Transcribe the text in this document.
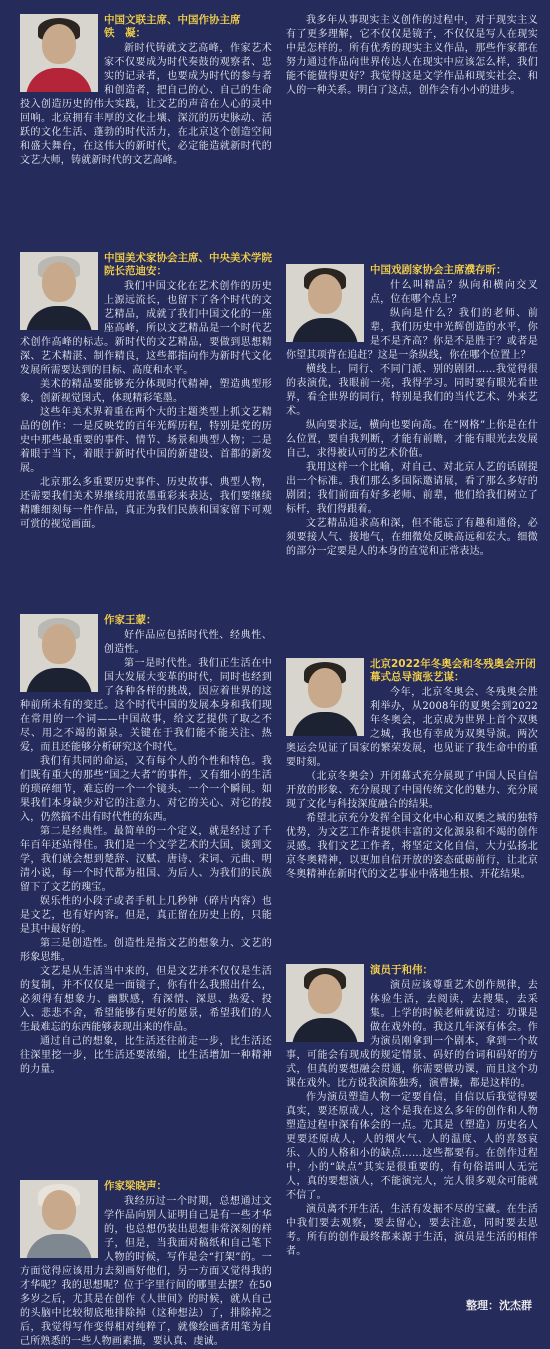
中国文联主席、中国作协主席
铁　凝：

新时代铸就文艺高峰，作家艺术家不仅要成为时代奏鼓的观察者、忠实的记录者，也要成为时代的参与者和创造者，把自己的心、自己的生命投入创造历史的伟大实践，让文艺的声音在人心的灵中回响。北京拥有丰厚的文化土壤、深沉的历史脉动、活跃的文化生活、蓬勃的时代活力，在北京这个创造空间和盛大舞台，在这伟大的新时代，必定能造就新时代的文艺大师，铸就新时代的文艺高峰。

中国美术家协会主席、中央美术学院院长范迪安：

我们中国文化在艺术创作的历史上源远流长，也留下了各个时代的文艺精品，成就了我们中国文化的一座座高峰，所以文艺精品是一个时代艺术创作高峰的标志。新时代的文艺精品，要做到思想精深、艺术精湛、制作精良，这些都指向作为新时代文化发展所需要达到的目标、高度和水平。

美术的精品要能够充分体现时代精神，塑造典型形象，创新视觉图式，体现精彩笔墨。

这些年美术界着重在两个大的主题类型上抓文艺精品的创作：一是反映党的百年光辉历程，特别是党的历史中那些最重要的事件、情节、场景和典型人物；二是着眼于当下，着眼于新时代中国的新建设、首都的新发展。

北京那么多重要历史事件、历史故事、典型人物，还需要我们美术界继续用浓墨重彩来表达，我们要继续精雕细刻每一件作品，真正为我们民族和国家留下可观可赏的视觉画面。

作家王蒙：

好作品应包括时代性、经典性、创造性。

第一是时代性。我们正生活在中国大发展大变革的时代，同时也经到了各种各样的挑战，因应着世界的这种前所未有的变迁。这个时代中国的发展本身和我们现在常用的一个词——中国故事，给文艺提供了取之不尽、用之不竭的源泉。关键在于我们能不能关注、热爱，而且还能够分析研究这个时代。

我们有共同的命运，又有每个人的个性和特色。我们既有重大的那些“国之大者”的事件，又有细小的生活的琐碎细节，难忘的一个一个镜头、一个一个瞬间。如果我们本身缺少对它的注意力、对它的关心、对它的投入，仍然搞不出有时代性的东西。

第二是经典性。最简单的一个定义，就是经过了千年百年还站得住。我们是一个文学艺术的大国，谈到文学，我们就会想到楚辞、汉赋、唐诗、宋词、元曲、明清小说，每一个时代都为祖国、为后人、为我们的民族留下了文艺的瑰宝。

娱乐性的小段子或者手机上几秒钟（碎片内容）也是文艺，也有好内容。但是，真正留在历史上的，只能是其中最好的。

第三是创造性。创造性是指文艺的想象力、文艺的形象思维。

文艺是从生活当中来的，但是文艺并不仅仅是生活的复制，并不仅仅是一面镜子，你有什么我照出什么，必须得有想象力、幽默感，有深情、深思、热爱、投入、悲悲不舍，希望能够有更好的愿景，希望我们的人生最难忘的东西能够表现出来的作品。

通过自己的想象，比生活还往前走一步，比生活还往深里挖一步，比生活还要浓缩，比生活增加一种精神的力量。

作家梁晓声：

我经历过一个时期，总想通过文学作品向别人证明自己是有一些才华的，也总想仍装出思想非常深刻的样子，但是，当我面对稿纸和自己笔下人物的时候，写作是会“打架”的。一方面觉得应该用力去刻画好他们，另一方面又觉得我的才华呢？我的思想呢？位于字里行间的哪里去摆？在50多岁之后，尤其是在创作《人世间》的时候，就从自己的头脑中比较彻底地排除掉（这种想法）了，排除掉之后，我觉得写作变得相对纯粹了，就像绘画者用笔为自己所熟悉的一些人物画素描，要认真、虔诚。

我多年从事现实主义创作的过程中，对于现实主义有了更多理解，它不仅仅是镜子，不仅仅是写人在现实中是怎样的。所有优秀的现实主义作品，那些作家都在努力通过作品向世界传达人在现实中应该怎么样，我们能不能做得更好？我觉得这是文学作品和现实社会、和人的一种关系。明白了这点，创作会有小小的进步。

中国戏剧家协会主席濮存昕：

什么叫精品？纵向和横向交叉点，位在哪个点上？

纵向是什么？我们的老师、前辈，我们历史中光辉创造的水平，你是不是齐高？你是不是胜于？或者是你望其项背在追赶？这是一条纵线，你在哪个位置上？

横线上，同行、不同门派、别的剧团……我觉得很的表演优，我眼前一亮，我得学习。同时要有眼光看世界，看全世界的同行，特别是我们的当代艺术、外来艺术。

纵向要求远，横向也要向高。在“网格”上你是在什么位置，要自我判断，才能有前瞻，才能有眼光去发展自己，求得被认可的艺术价值。

我用这样一个比喻，对自己、对北京人艺的话剧提出一个标准。我们那么多国际邀请展，看了那么多好的剧团；我们前面有好多老师、前辈，他们给我们树立了标杆，我们得跟着。

文艺精品追求高和深，但不能忘了有趣和通俗，必须要接人气、接地气，在细微处反映高远和宏大。细微的部分一定要是人的本身的直觉和正常表达。

北京2022年冬奥会和冬残奥会开闭幕式总导演张艺谋：

今年，北京冬奥会、冬残奥会胜利举办，从2008年的夏奥会到2022年冬奥会，北京成为世界上首个双奥之城，我也有幸成为双奥导演。两次奥运会见证了国家的繁荣发展，也见证了我生命中的重要时刻。

（北京冬奥会）开闭幕式充分展现了中国人民自信开放的形象、充分展现了中国传统文化的魅力、充分展现了文化与科技深度融合的结果。

希望北京充分发挥全国文化中心和双奥之城的独特优势，为文艺工作者提供丰富的文化源泉和不竭的创作灵感。我们文艺工作者，将坚定文化自信，大力弘扬北京冬奥精神，以更加自信开放的姿态砥砺前行，让北京冬奥精神在新时代的文艺事业中落地生根、开花结果。

演员于和伟：

演员应该尊重艺术创作规律，去体验生活，去阅读，去搜集，去采集。上学的时候老师就说过：功课是做在戏外的。我这几年深有体会。作为演员刚拿到一个剧本，拿到一个故事，可能会有现成的规定情景、码好的台词和码好的方式，但真的要想融会贯通，你需要做功课，而且这个功课在戏外。比方说我演陈独秀，演曹操，都是这样的。

作为演员塑造人物一定要自信，自信以后我觉得要真实，要还原成人，这个是我在这么多年的创作和人物塑造过程中深有体会的一点。尤其是（塑造）历史名人更要还原成人，人的烟火气、人的温度、人的喜怒哀乐、人的人格和小的缺点……这些都要有。在创作过程中，小的“缺点”其实是很重要的，有句俗语叫人无完人，真的要想演人，不能演完人，完人很多观众可能就不信了。

演员离不开生活，生活有发掘不尽的宝藏。在生活中我们要去观察，要去留心，要去注意，同时要去思考。所有的创作最终都来源于生活，演员是生活的相伴者。

整理：沈杰群
